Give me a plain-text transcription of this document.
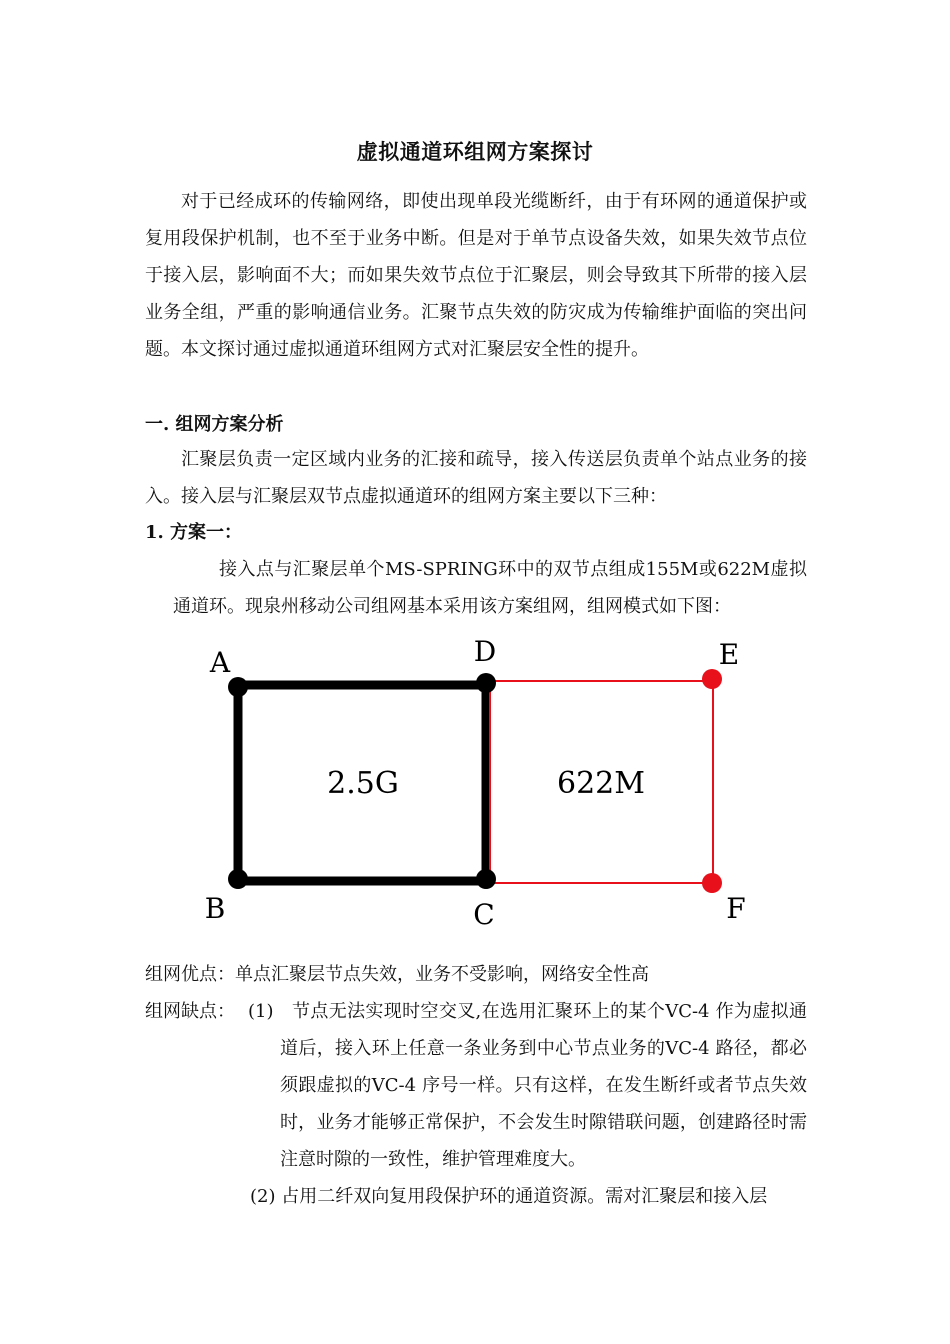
虚拟通道环组网方案探讨
对于已经成环的传输网络，即使出现单段光缆断纤，由于有环网的通道保护或复用段保护机制，也不至于业务中断。但是对于单节点设备失效，如果失效节点位于接入层，影响面不大；而如果失效节点位于汇聚层，则会导致其下所带的接入层业务全组，严重的影响通信业务。汇聚节点失效的防灾成为传输维护面临的突出问题。本文探讨通过虚拟通道环组网方式对汇聚层安全性的提升。
一. 组网方案分析
汇聚层负责一定区域内业务的汇接和疏导，接入传送层负责单个站点业务的接入。接入层与汇聚层双节点虚拟通道环的组网方案主要以下三种：
1. 方案一：
接入点与汇聚层单个MS-SPRING环中的双节点组成155M或622M虚拟通道环。现泉州移动公司组网基本采用该方案组网，组网模式如下图：
A
B	C
D	E
F
2.5G	622M
组网优点：单点汇聚层节点失效，业务不受影响，网络安全性高
组网缺点： (1)	节点无法实现时空交叉,在选用汇聚环上的某个VC-4 作为虚拟通道后，接入环上任意一条业务到中心节点业务的VC-4 路径，都必须跟虚拟的VC-4 序号一样。只有这样，在发生断纤或者节点失效时，业务才能够正常保护，不会发生时隙错联问题，创建路径时需注意时隙的一致性，维护管理难度大。
(2) 占用二纤双向复用段保护环的通道资源。需对汇聚层和接入层
